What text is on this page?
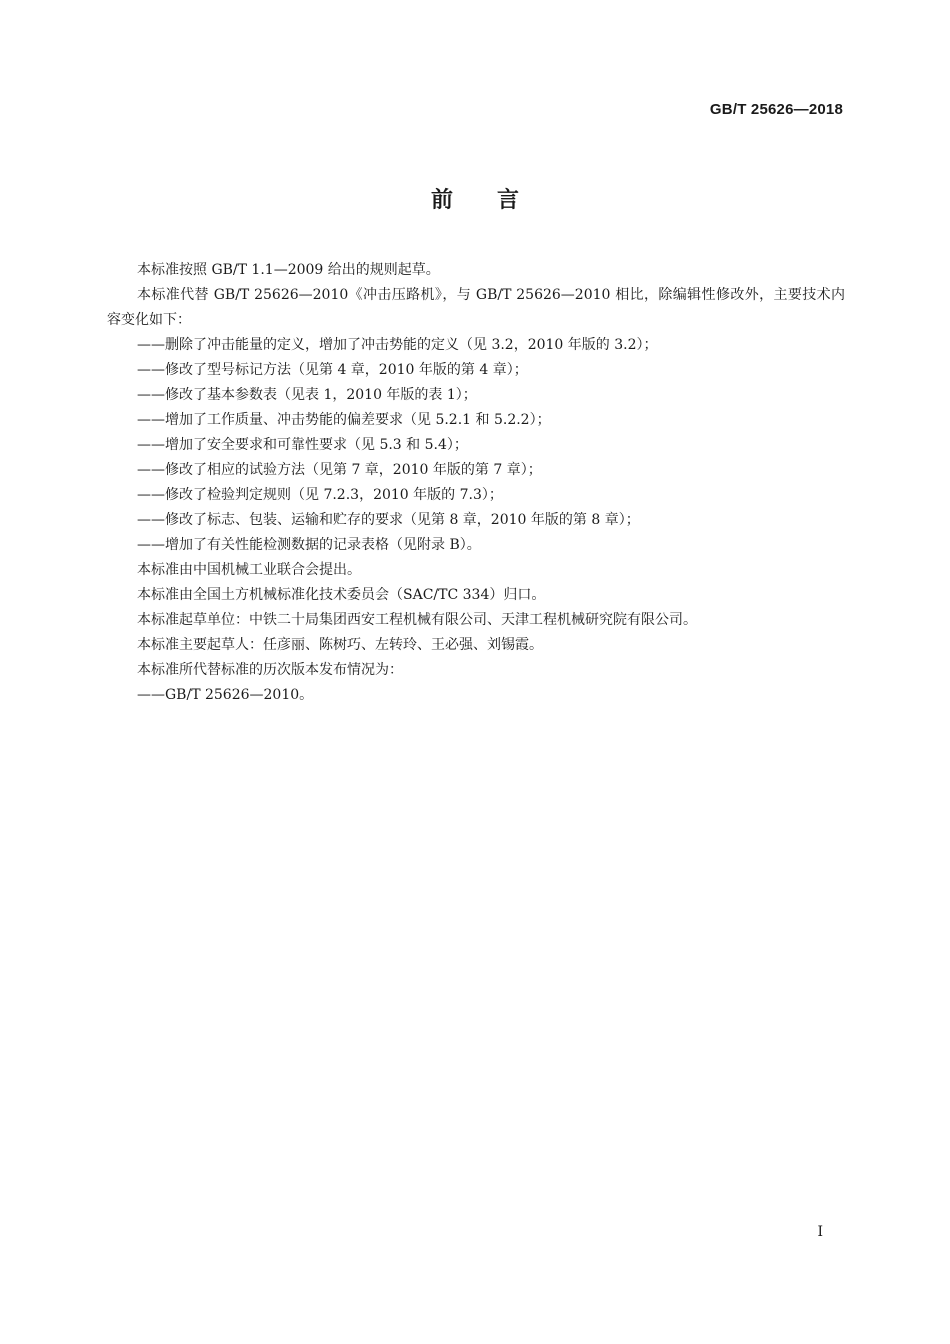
GB/T 25626—2018
前言

本标准按照 GB/T 1.1—2009 给出的规则起草。

本标准代替 GB/T 25626—2010《冲击压路机》，与 GB/T 25626—2010 相比，除编辑性修改外，主要技术内容变化如下：

——删除了冲击能量的定义，增加了冲击势能的定义（见 3.2，2010 年版的 3.2）；

——修改了型号标记方法（见第 4 章，2010 年版的第 4 章）；

——修改了基本参数表（见表 1，2010 年版的表 1）；

——增加了工作质量、冲击势能的偏差要求（见 5.2.1 和 5.2.2）；

——增加了安全要求和可靠性要求（见 5.3 和 5.4）；

——修改了相应的试验方法（见第 7 章，2010 年版的第 7 章）；

——修改了检验判定规则（见 7.2.3，2010 年版的 7.3）；

——修改了标志、包装、运输和贮存的要求（见第 8 章，2010 年版的第 8 章）；

——增加了有关性能检测数据的记录表格（见附录 B）。

本标准由中国机械工业联合会提出。

本标准由全国土方机械标准化技术委员会（SAC/TC 334）归口。

本标准起草单位：中铁二十局集团西安工程机械有限公司、天津工程机械研究院有限公司。

本标准主要起草人：任彦丽、陈树巧、左转玲、王必强、刘锡霞。

本标准所代替标准的历次版本发布情况为：

——GB/T 25626—2010。

I
